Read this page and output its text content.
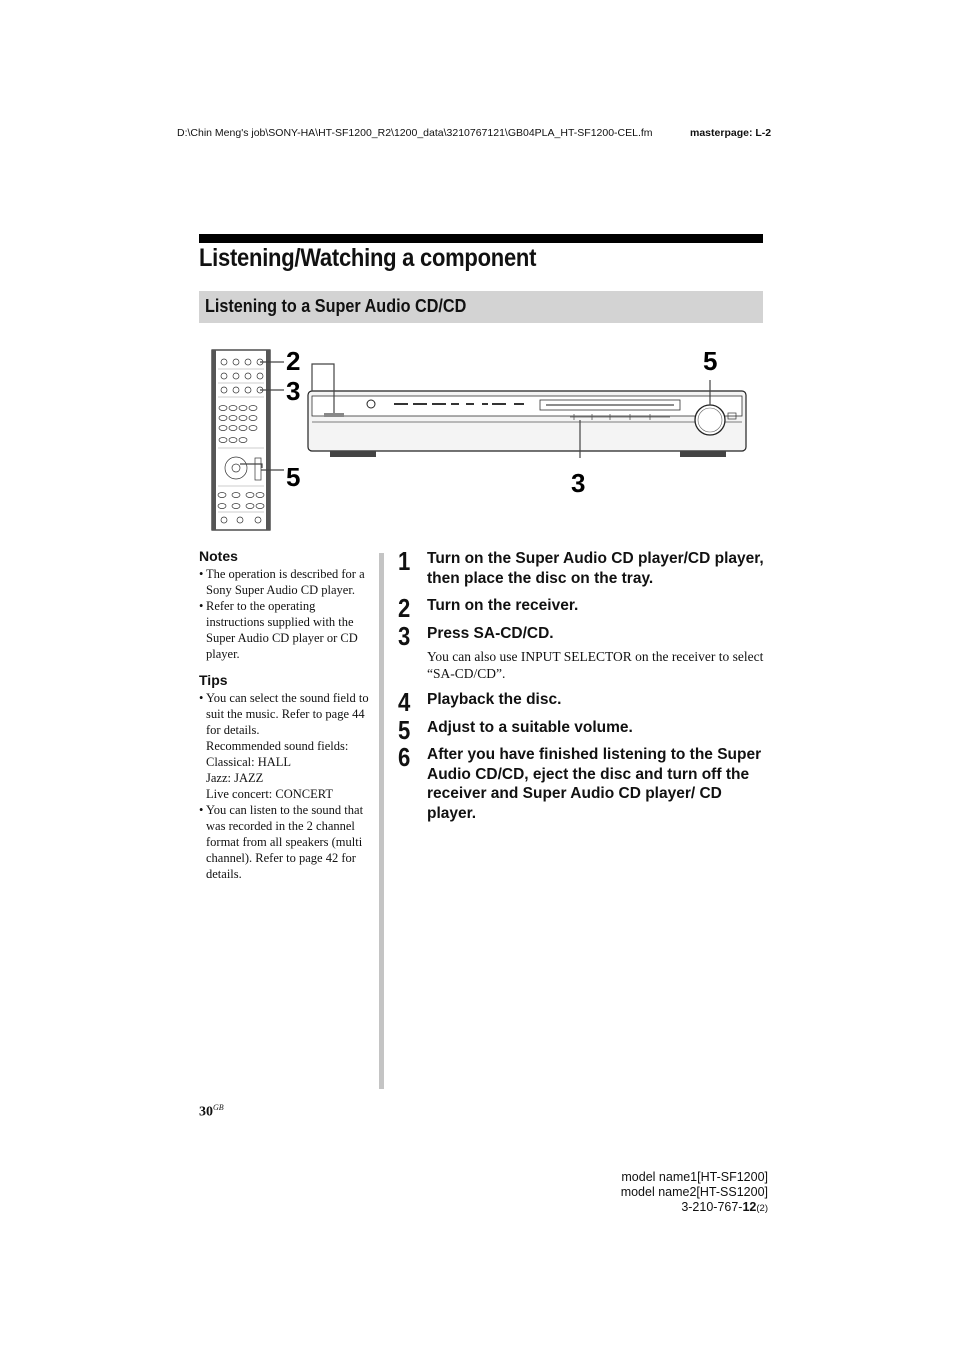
D:\Chin Meng's job\SONY-HA\HT-SF1200_R2\1200_data\3210767121\GB04PLA_HT-SF1200-CEL.fm	masterpage: L-2
Listening/Watching a component
Listening to a Super Audio CD/CD
2
3
5
5
3
Notes
• The operation is described for a Sony Super Audio CD player.
• Refer to the operating instructions supplied with the Super Audio CD player or CD player.
Tips
• You can select the sound field to suit the music. Refer to page 44 for details.
Recommended sound fields:
Classical: HALL
Jazz: JAZZ
Live concert: CONCERT
• You can listen to the sound that was recorded in the 2 channel format from all speakers (multi channel). Refer to page 42 for details.
1 Turn on the Super Audio CD player/CD player, then place the disc on the tray.
2 Turn on the receiver.
3 Press SA-CD/CD.
You can also use INPUT SELECTOR on the receiver to select “SA-CD/CD”.
4 Playback the disc.
5 Adjust to a suitable volume.
6 After you have finished listening to the Super Audio CD/CD, eject the disc and turn off the receiver and Super Audio CD player/ CD player.
$30^{GB}$
model name1[HT-SF1200]
model name2[HT-SS1200]
3-210-767-12(2)
